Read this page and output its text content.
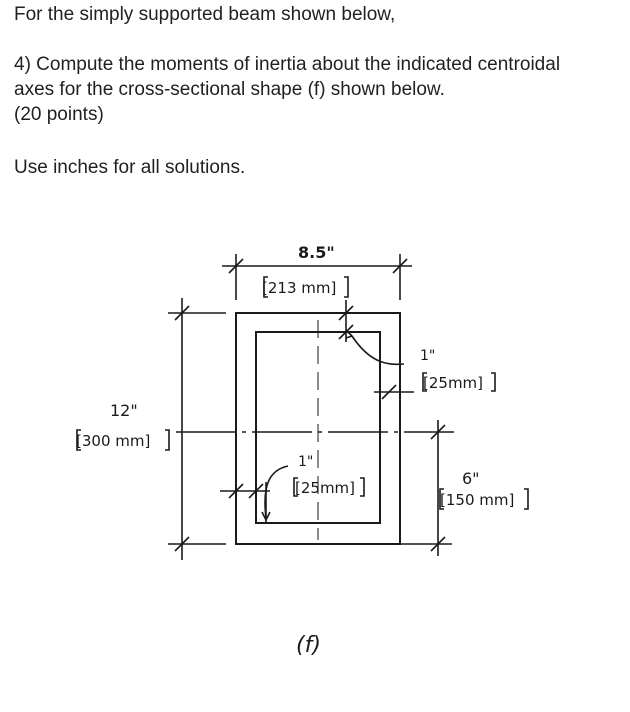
For the simply supported beam shown below,
4) Compute the moments of inertia about the indicated centroidal
axes for the cross-sectional shape (f) shown below.
(20 points)
Use inches for all solutions.
8.5"
[213 mm]
12"
[300 mm]
1"
[25mm]
1"
[25mm]	6"
[150 mm]
(f)
